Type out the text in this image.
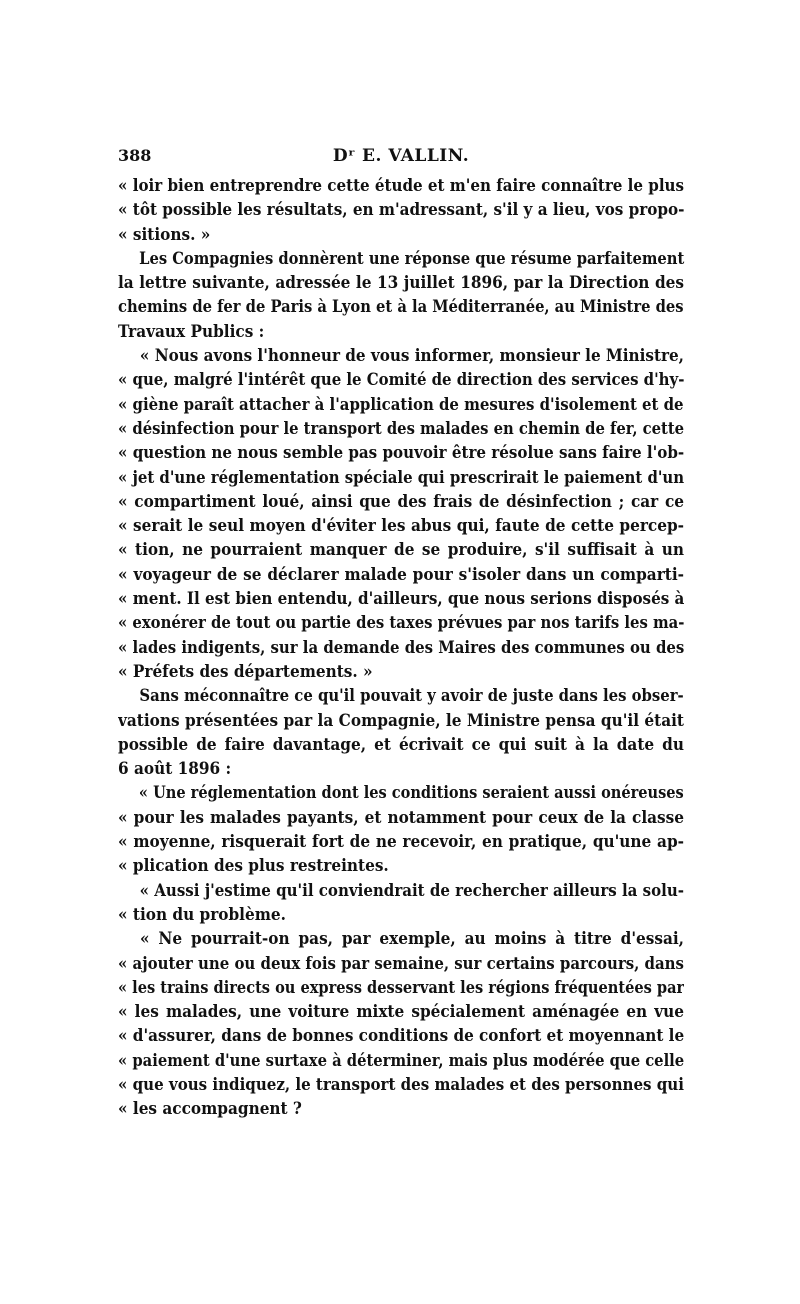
388	Dʳ E. VALLIN.
« loir bien entreprendre cette étude et m'en faire connaître le plus
« tôt possible les résultats, en m'adressant, s'il y a lieu, vos propo-
« sitions. »
Les Compagnies donnèrent une réponse que résume parfaitement
la lettre suivante, adressée le 13 juillet 1896, par la Direction des
chemins de fer de Paris à Lyon et à la Méditerranée, au Ministre des
Travaux Publics :
« Nous avons l'honneur de vous informer, monsieur le Ministre,
« que, malgré l'intérêt que le Comité de direction des services d'hy-
« giène paraît attacher à l'application de mesures d'isolement et de
« désinfection pour le transport des malades en chemin de fer, cette
« question ne nous semble pas pouvoir être résolue sans faire l'ob-
« jet d'une réglementation spéciale qui prescrirait le paiement d'un
« compartiment loué, ainsi que des frais de désinfection ; car ce
« serait le seul moyen d'éviter les abus qui, faute de cette percep-
« tion, ne pourraient manquer de se produire, s'il suffisait à un
« voyageur de se déclarer malade pour s'isoler dans un comparti-
« ment. Il est bien entendu, d'ailleurs, que nous serions disposés à
« exonérer de tout ou partie des taxes prévues par nos tarifs les ma-
« lades indigents, sur la demande des Maires des communes ou des
« Préfets des départements. »
Sans méconnaître ce qu'il pouvait y avoir de juste dans les obser-
vations présentées par la Compagnie, le Ministre pensa qu'il était
possible de faire davantage, et écrivait ce qui suit à la date du
6 août 1896 :
« Une réglementation dont les conditions seraient aussi onéreuses
« pour les malades payants, et notamment pour ceux de la classe
« moyenne, risquerait fort de ne recevoir, en pratique, qu'une ap-
« plication des plus restreintes.
« Aussi j'estime qu'il conviendrait de rechercher ailleurs la solu-
« tion du problème.
« Ne pourrait-on pas, par exemple, au moins à titre d'essai,
« ajouter une ou deux fois par semaine, sur certains parcours, dans
« les trains directs ou express desservant les régions fréquentées par
« les malades, une voiture mixte spécialement aménagée en vue
« d'assurer, dans de bonnes conditions de confort et moyennant le
« paiement d'une surtaxe à déterminer, mais plus modérée que celle
« que vous indiquez, le transport des malades et des personnes qui
« les accompagnent ?
